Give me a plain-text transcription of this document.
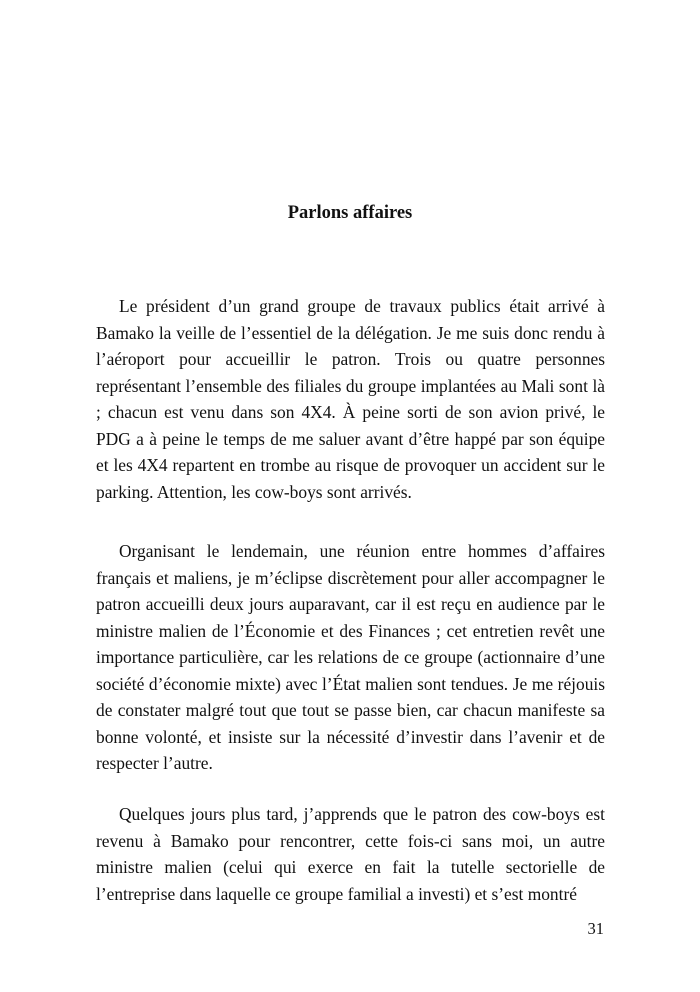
Parlons affaires

Le président d’un grand groupe de travaux publics était arrivé à Bamako la veille de l’essentiel de la délégation. Je me suis donc rendu à l’aéroport pour accueillir le patron. Trois ou quatre personnes représentant l’ensemble des filiales du groupe implantées au Mali sont là ; chacun est venu dans son 4X4. À peine sorti de son avion privé, le PDG a à peine le temps de me saluer avant d’être happé par son équipe et les 4X4 repartent en trombe au risque de provoquer un accident sur le parking. Attention, les cow-boys sont arrivés.

Organisant le lendemain, une réunion entre hommes d’affaires français et maliens, je m’éclipse discrètement pour aller accompagner le patron accueilli deux jours auparavant, car il est reçu en audience par le ministre malien de l’Économie et des Finances ; cet entretien revêt une importance particulière, car les relations de ce groupe (actionnaire d’une société d’économie mixte) avec l’État malien sont tendues. Je me réjouis de constater malgré tout que tout se passe bien, car chacun manifeste sa bonne volonté, et insiste sur la nécessité d’investir dans l’avenir et de respecter l’autre.

Quelques jours plus tard, j’apprends que le patron des cow-boys est revenu à Bamako pour rencontrer, cette fois-ci sans moi, un autre ministre malien (celui qui exerce en fait la tutelle sectorielle de l’entreprise dans laquelle ce groupe familial a investi) et s’est montré

31
